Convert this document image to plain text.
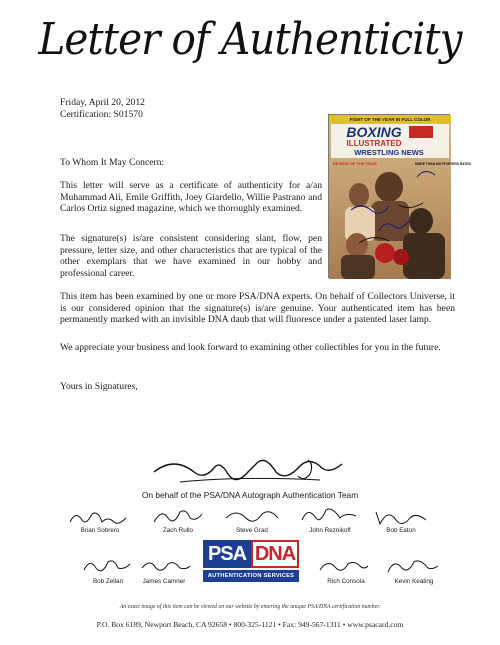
Letter of Authenticity
Friday, April 20, 2012
Certification: S01570	FIGHT OF THE YEAR IN FULL COLOR
BOXING
ILLUSTRATED
WRESTLING NEWS
REVIEW OF THE YEAR	MORE THAN 600 FIGHTERS RATED
To Whom It May Concern:
This letter will serve as a certificate of authenticity for a/an Muhammad Ali, Emile Griffith, Joey Giardello, Willie Pastrano and Carlos Ortiz signed magazine, which we thoroughly examined.
The signature(s) is/are consistent considering slant, flow, pen pressure, letter size, and other characteristics that are typical of the other exemplars that we have examined in our hobby and professional career.
This item has been examined by one or more PSA/DNA experts. On behalf of Collectors Universe, it is our considered opinion that the signature(s) is/are genuine. Your authenticated item has been permanently marked with an invisible DNA daub that will fluoresce under a patented laser lamp.
We appreciate your business and look forward to examining other collectibles for you in the future.
Yours in Signatures,
On behalf of the PSA/DNA Autograph Authentication Team
Brian Sobrero	Zach Rullo	Steve Grad	John Reznikoff	Bob Eaton
PSA DNA
AUTHENTICATION SERVICES
Bob Zellan	James Camner	Rich Consola	Kevin Keating
An exact image of this item can be viewed on our website by entering the unique PSA/DNA certification number.
P.O. Box 6189, Newport Beach, CA 92658 • 800-325-1121 • Fax: 949-567-1311 • www.psacard.com
